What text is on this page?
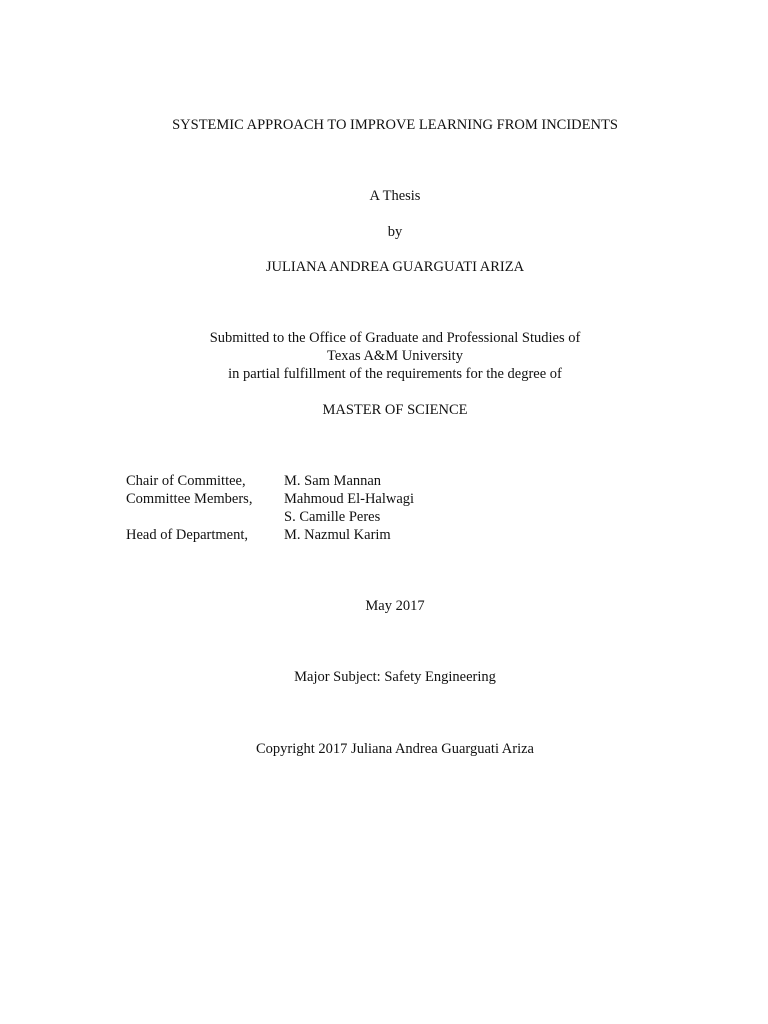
SYSTEMIC APPROACH TO IMPROVE LEARNING FROM INCIDENTS
A Thesis
by
JULIANA ANDREA GUARGUATI ARIZA
Submitted to the Office of Graduate and Professional Studies of
Texas A&M University
in partial fulfillment of the requirements for the degree of
MASTER OF SCIENCE
Chair of Committee,	M. Sam Mannan
Committee Members, Mahmoud El-Halwagi
S. Camille Peres
Head of Department, M. Nazmul Karim
May 2017
Major Subject: Safety Engineering
Copyright 2017 Juliana Andrea Guarguati Ariza
